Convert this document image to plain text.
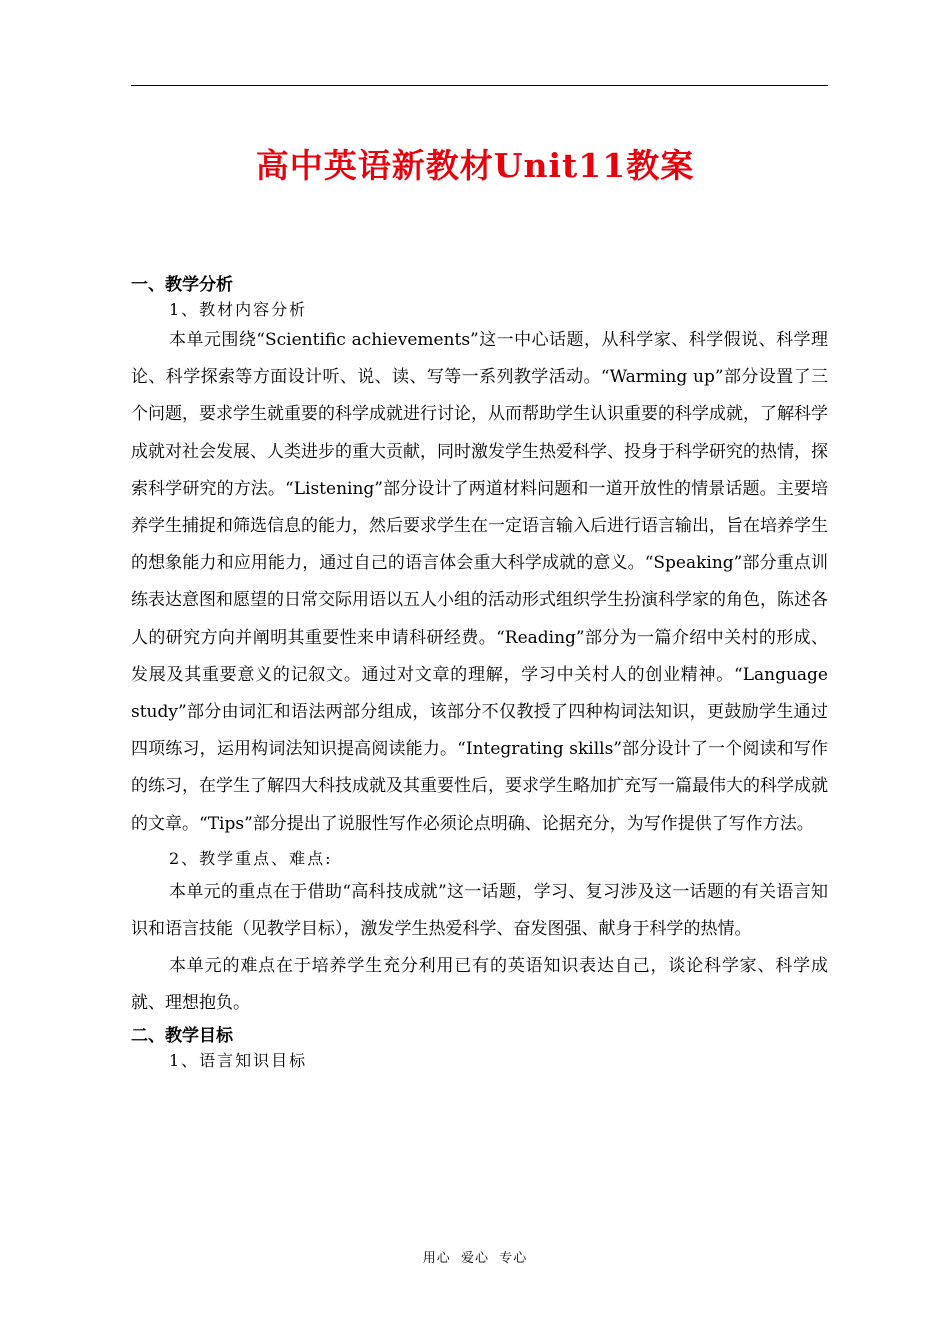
高中英语新教材Unit11教案
一、教学分析
1、教材内容分析

本单元围绕“Scientific achievements”这一中心话题，从科学家、科学假说、科学理论、科学探索等方面设计听、说、读、写等一系列教学活动。“Warming up”部分设置了三个问题，要求学生就重要的科学成就进行讨论，从而帮助学生认识重要的科学成就，了解科学成就对社会发展、人类进步的重大贡献，同时激发学生热爱科学、投身于科学研究的热情，探索科学研究的方法。“Listening”部分设计了两道材料问题和一道开放性的情景话题。主要培养学生捕捉和筛选信息的能力，然后要求学生在一定语言输入后进行语言输出，旨在培养学生的想象能力和应用能力，通过自己的语言体会重大科学成就的意义。“Speaking”部分重点训练表达意图和愿望的日常交际用语以五人小组的活动形式组织学生扮演科学家的角色，陈述各人的研究方向并阐明其重要性来申请科研经费。“Reading”部分为一篇介绍中关村的形成、发展及其重要意义的记叙文。通过对文章的理解，学习中关村人的创业精神。“Language study”部分由词汇和语法两部分组成，该部分不仅教授了四种构词法知识，更鼓励学生通过四项练习，运用构词法知识提高阅读能力。“Integrating skills”部分设计了一个阅读和写作的练习，在学生了解四大科技成就及其重要性后，要求学生略加扩充写一篇最伟大的科学成就的文章。“Tips”部分提出了说服性写作必须论点明确、论据充分，为写作提供了写作方法。

2、教学重点、难点:

本单元的重点在于借助“高科技成就”这一话题，学习、复习涉及这一话题的有关语言知识和语言技能（见教学目标），激发学生热爱科学、奋发图强、献身于科学的热情。

本单元的难点在于培养学生充分利用已有的英语知识表达自己，谈论科学家、科学成就、理想抱负。

二、教学目标
1、语言知识目标
用心  爱心  专心
